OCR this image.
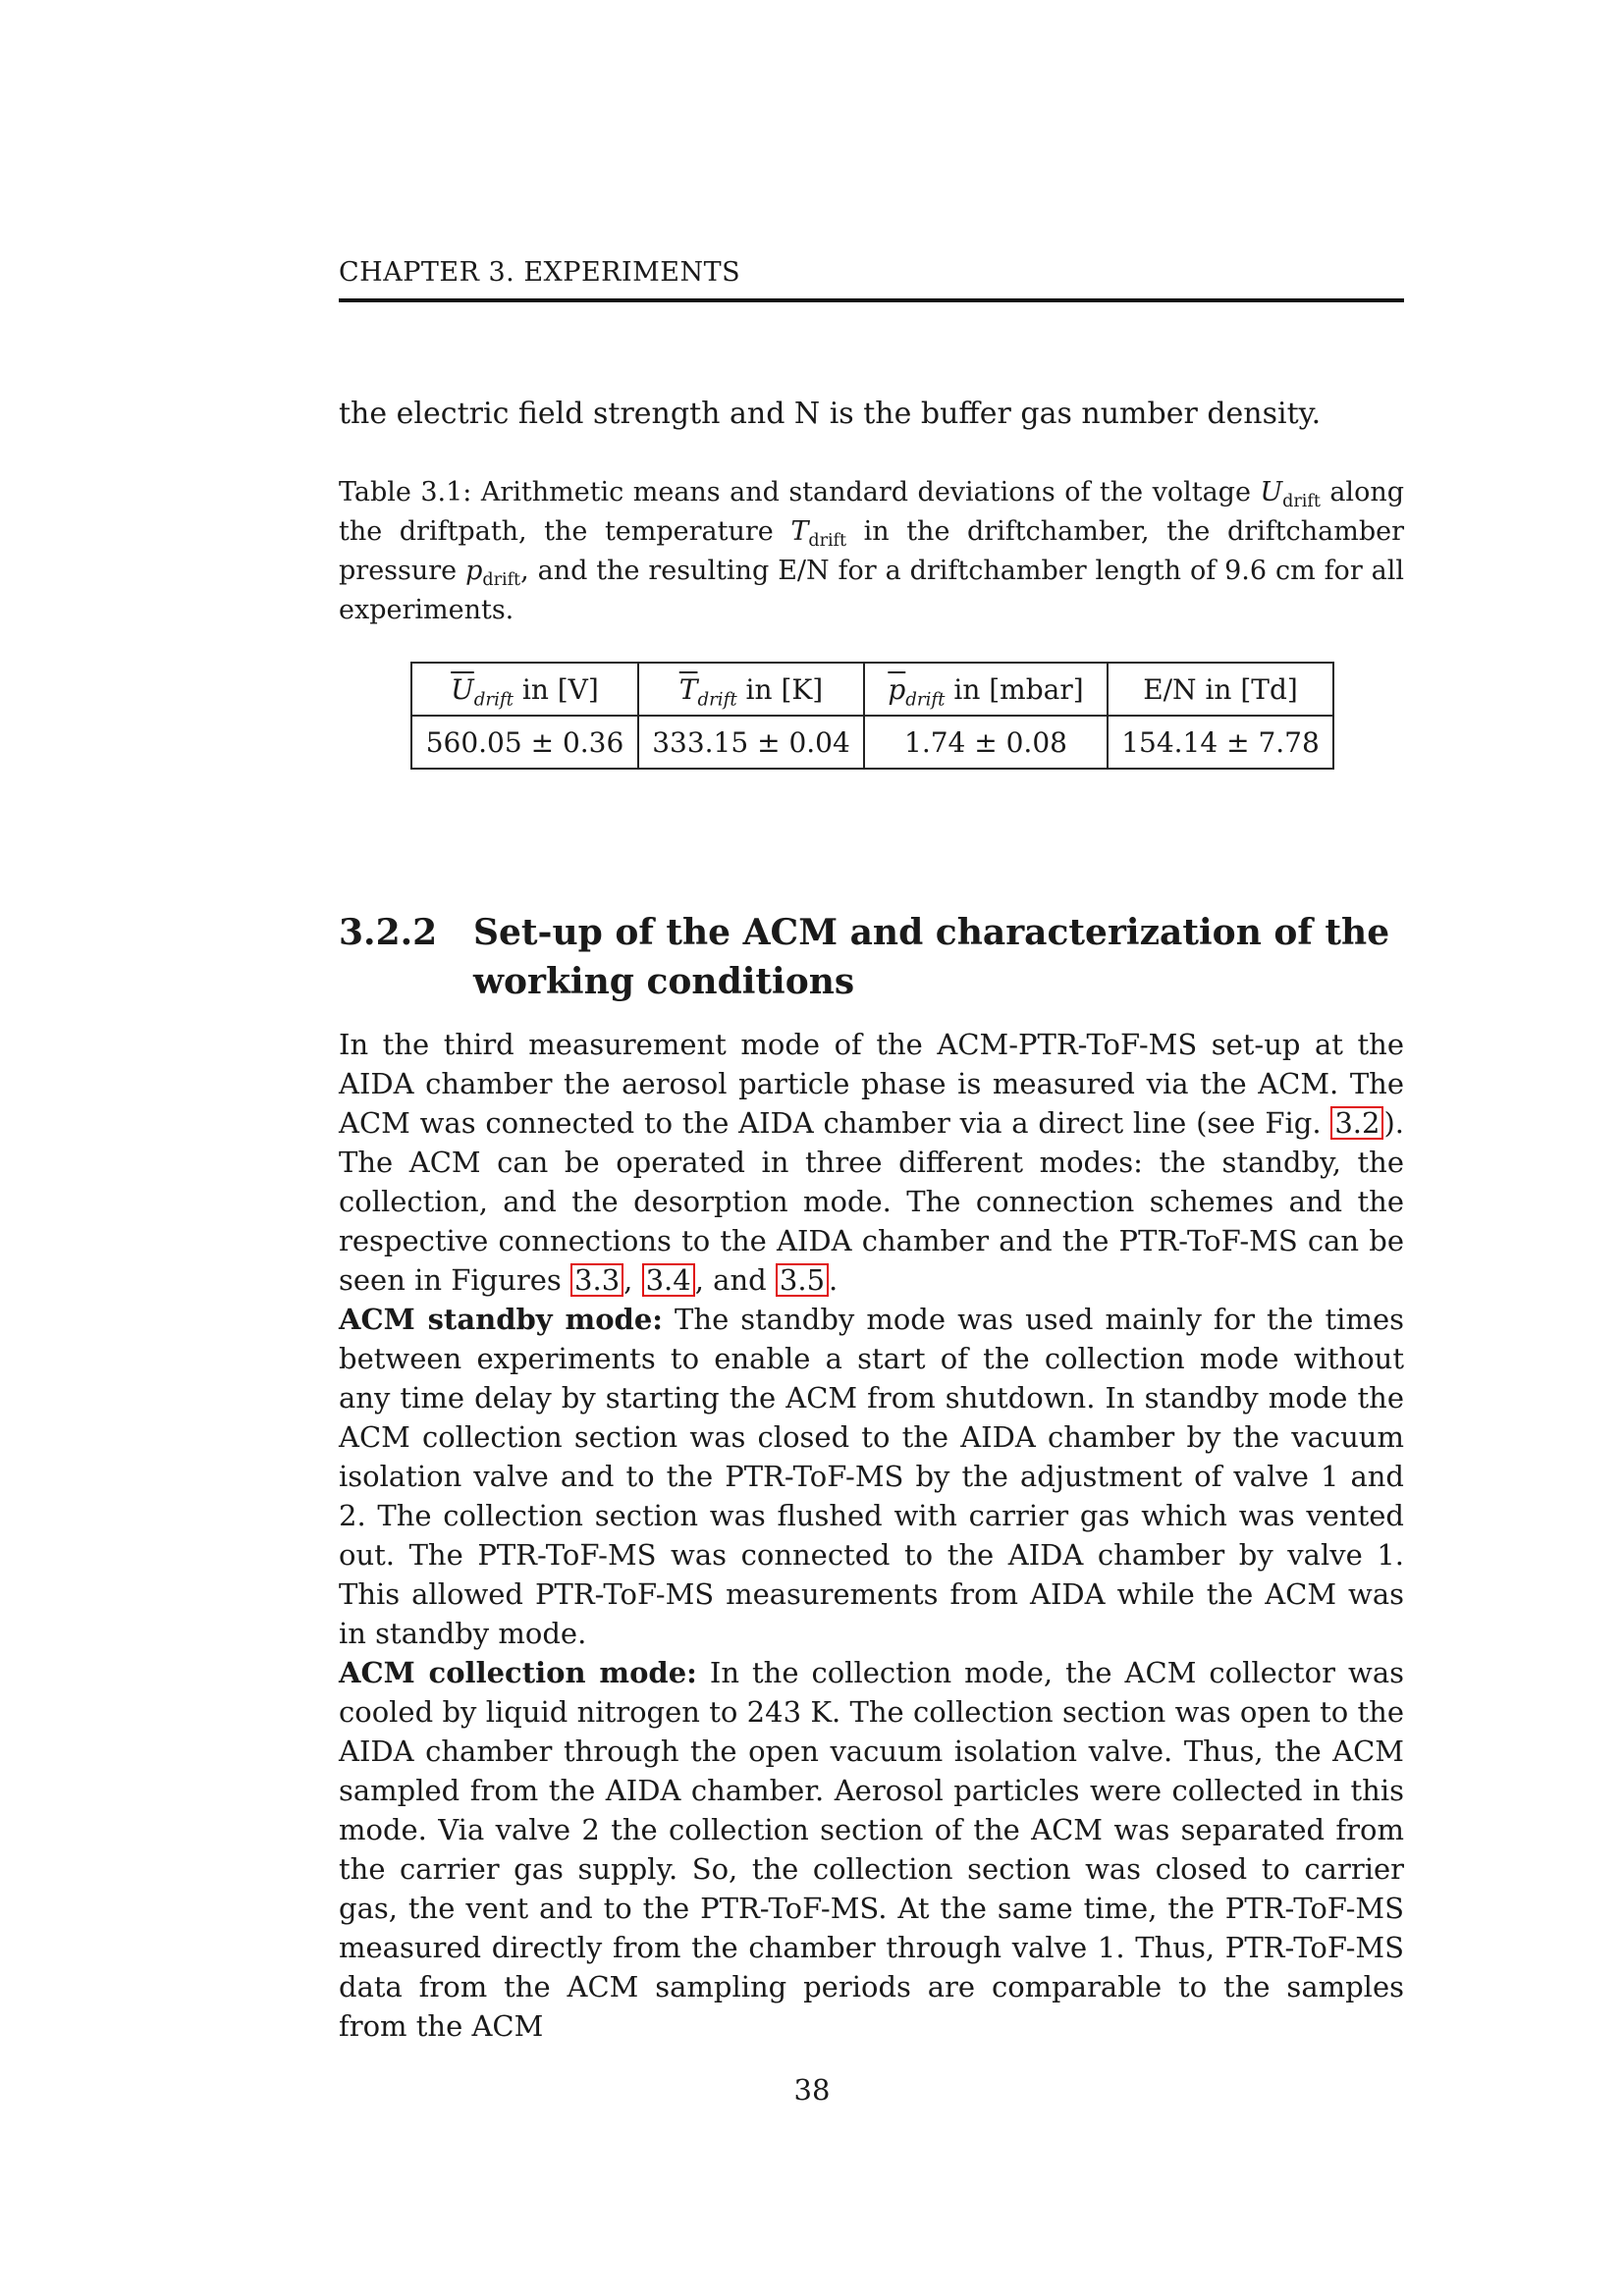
CHAPTER 3. EXPERIMENTS
the electric field strength and N is the buffer gas number density.
Table 3.1: Arithmetic means and standard deviations of the voltage $U_{drift}$ along the driftpath, the temperature $T_{drift}$ in the driftchamber, the driftchamber pressure $p_{drift}$, and the resulting E/N for a driftchamber length of 9.6 cm for all experiments.
$\overline{U}_{drift}$ in [V]	$\overline{T}_{drift}$ in [K]	$\overline{p}_{drift}$ in [mbar]	E/N in [Td]
560.05 ± 0.36	333.15 ± 0.04	1.74 ± 0.08	154.14 ± 7.78
3.2.2 Set-up of the ACM and characterization of the working conditions

In the third measurement mode of the ACM-PTR-ToF-MS set-up at the AIDA chamber the aerosol particle phase is measured via the ACM. The ACM was connected to the AIDA chamber via a direct line (see Fig. 3.2 ). The ACM can be operated in three different modes: the standby, the collection, and the desorption mode. The connection schemes and the respective connections to the AIDA chamber and the PTR-ToF-MS can be seen in Figures 3.3 , 3.4 , and 3.5 .

ACM standby mode: The standby mode was used mainly for the times between experiments to enable a start of the collection mode without any time delay by starting the ACM from shutdown. In standby mode the ACM collection section was closed to the AIDA chamber by the vacuum isolation valve and to the PTR-ToF-MS by the adjustment of valve 1 and 2. The collection section was flushed with carrier gas which was vented out. The PTR-ToF-MS was connected to the AIDA chamber by valve 1. This allowed PTR-ToF-MS measurements from AIDA while the ACM was in standby mode.

ACM collection mode: In the collection mode, the ACM collector was cooled by liquid nitrogen to 243 K. The collection section was open to the AIDA chamber through the open vacuum isolation valve. Thus, the ACM sampled from the AIDA chamber. Aerosol particles were collected in this mode. Via valve 2 the collection section of the ACM was separated from the carrier gas supply. So, the collection section was closed to carrier gas, the vent and to the PTR-ToF-MS. At the same time, the PTR-ToF-MS measured directly from the chamber through valve 1. Thus, PTR-ToF-MS data from the ACM sampling periods are comparable to the samples from the ACM

38
